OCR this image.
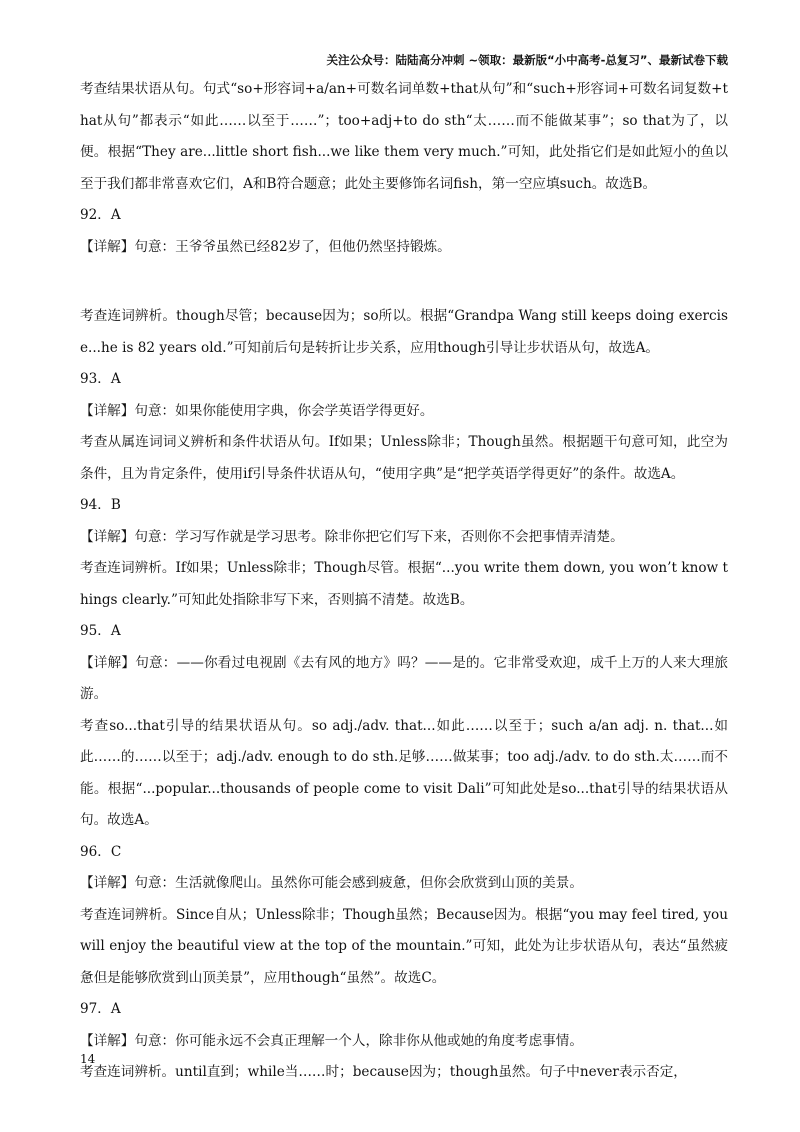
关注公众号：陆陆高分冲刺 ~领取：最新版“小中高考-总复习”、最新试卷下载

考查结果状语从句。句式“so+形容词+a/an+可数名词单数+that从句”和“such+形容词+可数名词复数+that从句”都表示“如此……以至于……”；too+adj+to do sth“太……而不能做某事”；so that为了，以便。根据“They are...little short fish...we like them very much.”可知，此处指它们是如此短小的鱼以至于我们都非常喜欢它们，A和B符合题意；此处主要修饰名词fish，第一空应填such。故选B。

92．A

【详解】句意：王爷爷虽然已经82岁了，但他仍然坚持锻炼。

考查连词辨析。though尽管；because因为；so所以。根据“Grandpa Wang still keeps doing exercise...he is 82 years old.”可知前后句是转折让步关系，应用though引导让步状语从句，故选A。

93．A

【详解】句意：如果你能使用字典，你会学英语学得更好。

考查从属连词词义辨析和条件状语从句。If如果；Unless除非；Though虽然。根据题干句意可知，此空为条件，且为肯定条件，使用if引导条件状语从句，“使用字典”是“把学英语学得更好”的条件。故选A。

94．B

【详解】句意：学习写作就是学习思考。除非你把它们写下来，否则你不会把事情弄清楚。

考查连词辨析。If如果；Unless除非；Though尽管。根据“...you write them down, you won’t know things clearly.”可知此处指除非写下来，否则搞不清楚。故选B。

95．A

【详解】句意：——你看过电视剧《去有风的地方》吗？——是的。它非常受欢迎，成千上万的人来大理旅游。

考查so...that引导的结果状语从句。so adj./adv. that...如此……以至于；such a/an adj. n. that...如此……的……以至于；adj./adv. enough to do sth.足够……做某事；too adj./adv. to do sth.太……而不能。根据“...popular...thousands of people come to visit Dali”可知此处是so...that引导的结果状语从句。故选A。

96．C

【详解】句意：生活就像爬山。虽然你可能会感到疲惫，但你会欣赏到山顶的美景。

考查连词辨析。Since自从；Unless除非；Though虽然；Because因为。根据“you may feel tired, you will enjoy the beautiful view at the top of the mountain.”可知，此处为让步状语从句，表达“虽然疲惫但是能够欣赏到山顶美景”，应用though“虽然”。故选C。

97．A

【详解】句意：你可能永远不会真正理解一个人，除非你从他或她的角度考虑事情。

考查连词辨析。until直到；while当……时；because因为；though虽然。句子中never表示否定，

14
